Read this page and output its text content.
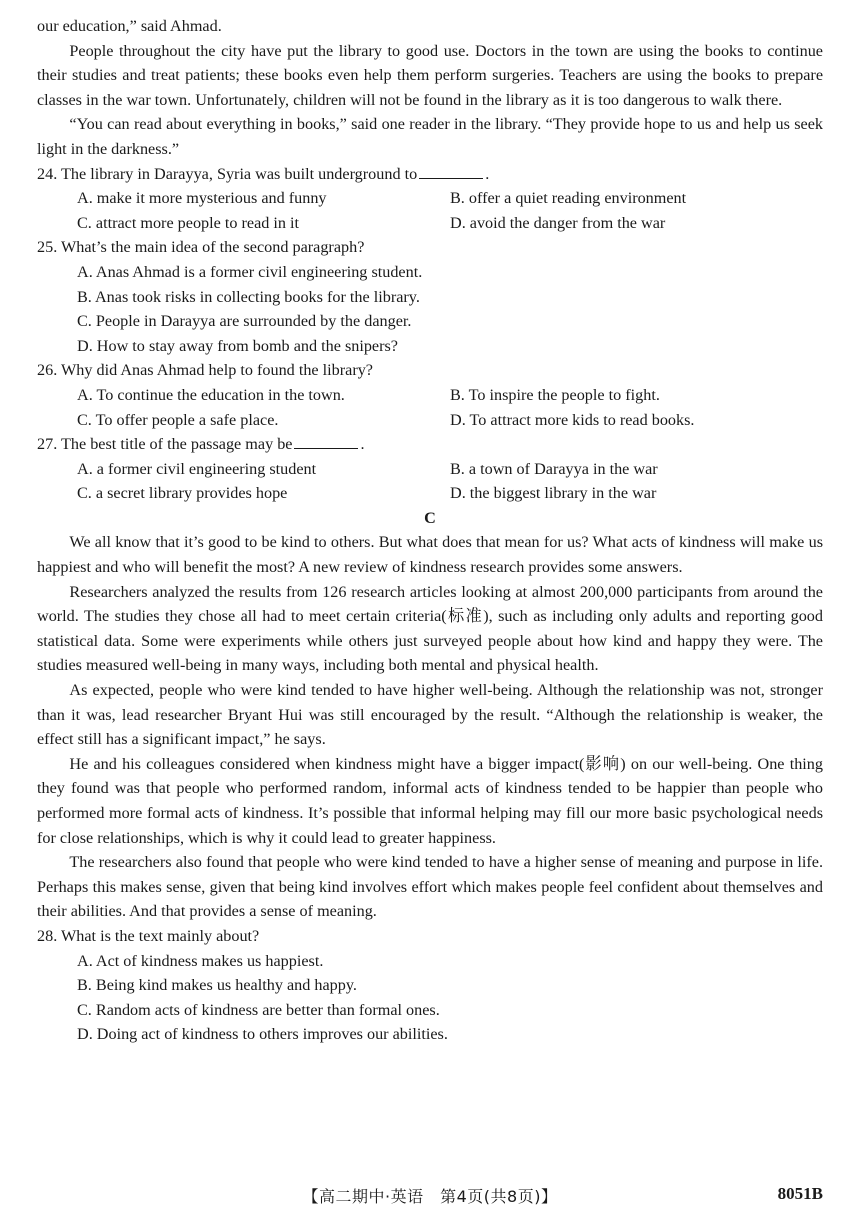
our education,” said Ahmad.

People throughout the city have put the library to good use. Doctors in the town are using the books to continue their studies and treat patients; these books even help them perform surgeries. Teachers are using the books to prepare classes in the war town. Unfortunately, children will not be found in the library as it is too dangerous to walk there.

“You can read about everything in books,” said one reader in the library. “They provide hope to us and help us seek light in the darkness.”

24. The library in Darayya, Syria was built underground to	.
A. make it more mysterious and funny	B. offer a quiet reading environment
C. attract more people to read in it	D. avoid the danger from the war
25. What’s the main idea of the second paragraph?
A. Anas Ahmad is a former civil engineering student.
B. Anas took risks in collecting books for the library.
C. People in Darayya are surrounded by the danger.
D. How to stay away from bomb and the snipers?
26. Why did Anas Ahmad help to found the library?
A. To continue the education in the town.	B. To inspire the people to fight.
C. To offer people a safe place.	D. To attract more kids to read books.
27. The best title of the passage may be	.
A. a former civil engineering student	B. a town of Darayya in the war
C. a secret library provides hope	D. the biggest library in the war
C

We all know that it’s good to be kind to others. But what does that mean for us? What acts of kindness will make us happiest and who will benefit the most? A new review of kindness research provides some answers.

Researchers analyzed the results from 126 research articles looking at almost 200,000 participants from around the world. The studies they chose all had to meet certain criteria(标准), such as including only adults and reporting good statistical data. Some were experiments while others just surveyed people about how kind and happy they were. The studies measured well-being in many ways, including both mental and physical health.

As expected, people who were kind tended to have higher well-being. Although the relationship was not, stronger than it was, lead researcher Bryant Hui was still encouraged by the result. “Although the relationship is weaker, the effect still has a significant impact,” he says.

He and his colleagues considered when kindness might have a bigger impact(影响) on our well-being. One thing they found was that people who performed random, informal acts of kindness tended to be happier than people who performed more formal acts of kindness. It’s possible that informal helping may fill our more basic psychological needs for close relationships, which is why it could lead to greater happiness.

The researchers also found that people who were kind tended to have a higher sense of meaning and purpose in life. Perhaps this makes sense, given that being kind involves effort which makes people feel confident about themselves and their abilities. And that provides a sense of meaning.

28. What is the text mainly about?
A. Act of kindness makes us happiest.
B. Being kind makes us healthy and happy.
C. Random acts of kindness are better than formal ones.
D. Doing act of kindness to others improves our abilities.
【高二期中·英语　第4页(共8页)】	8051B
